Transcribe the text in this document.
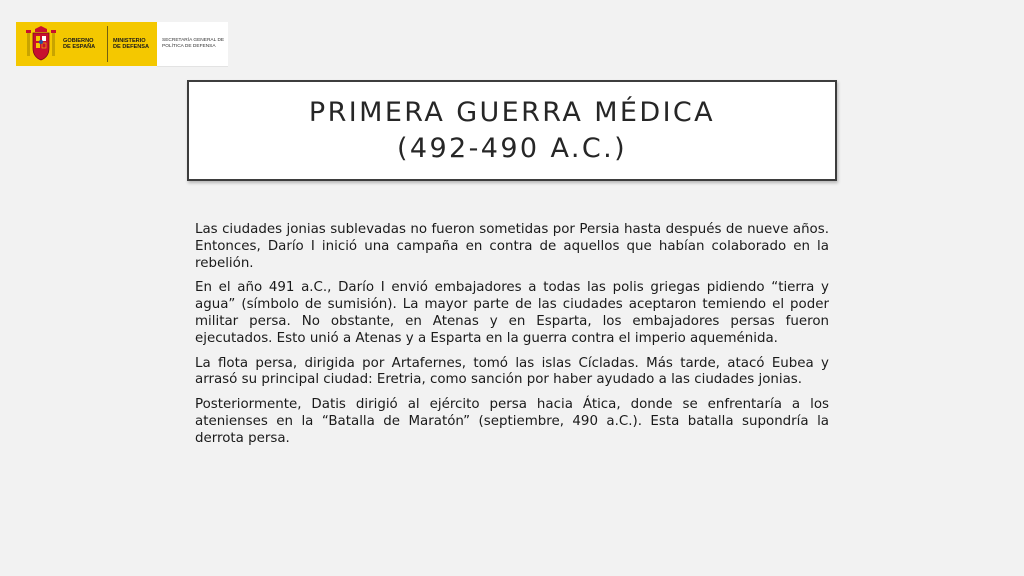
GOBIERNO
DE ESPAÑA
MINISTERIO
DE DEFENSA
SECRETARÍA GENERAL DE
POLÍTICA DE DEFENSA
PRIMERA GUERRA MÉDICA
(492-490 A.C.)

Las ciudades jonias sublevadas no fueron sometidas por Persia hasta después de nueve años. Entonces, Darío I inició una campaña en contra de aquellos que habían colaborado en la rebelión.

En el año 491 a.C., Darío I envió embajadores a todas las polis griegas pidiendo “tierra y agua” (símbolo de sumisión). La mayor parte de las ciudades aceptaron temiendo el poder militar persa. No obstante, en Atenas y en Esparta, los embajadores persas fueron ejecutados. Esto unió a Atenas y a Esparta en la guerra contra el imperio aqueménida.

La flota persa, dirigida por Artafernes, tomó las islas Cícladas. Más tarde, atacó Eubea y arrasó su principal ciudad: Eretria, como sanción por haber ayudado a las ciudades jonias.

Posteriormente, Datis dirigió al ejército persa hacia Ática, donde se enfrentaría a los atenienses en la “Batalla de Maratón” (septiembre, 490 a.C.). Esta batalla supondría la derrota persa.
